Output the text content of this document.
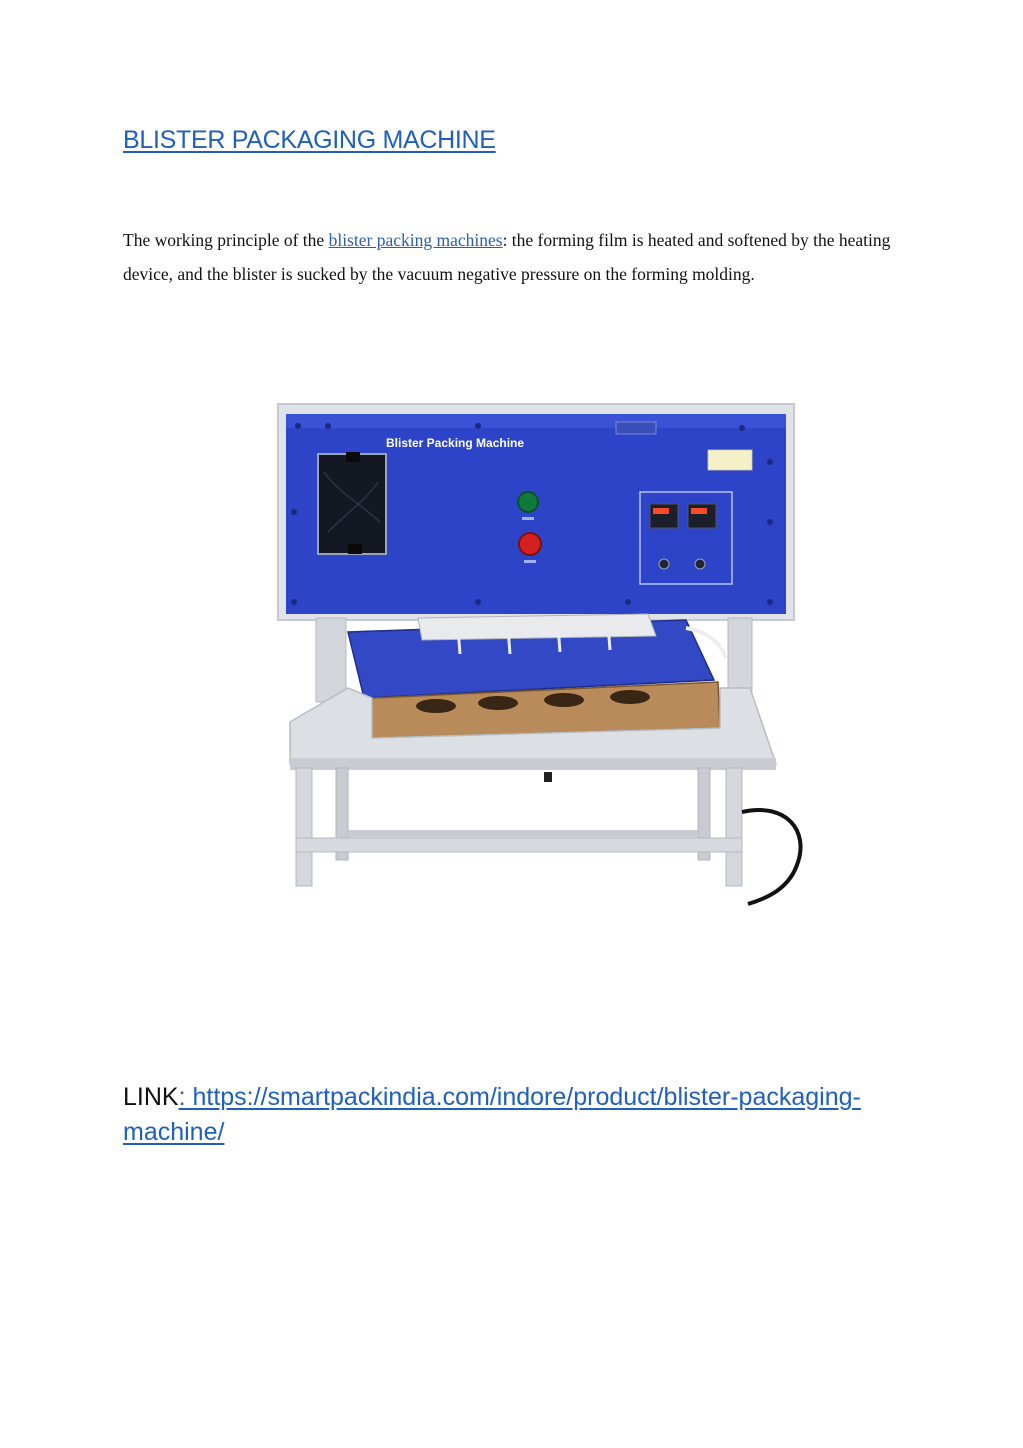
BLISTER PACKAGING MACHINE

The working principle of the blister packing machines: the forming film is heated and softened by the heating device, and the blister is sucked by the vacuum negative pressure on the forming molding.

Blister Packing Machine

LINK: https://smartpackindia.com/indore/product/blister-packaging-machine/
